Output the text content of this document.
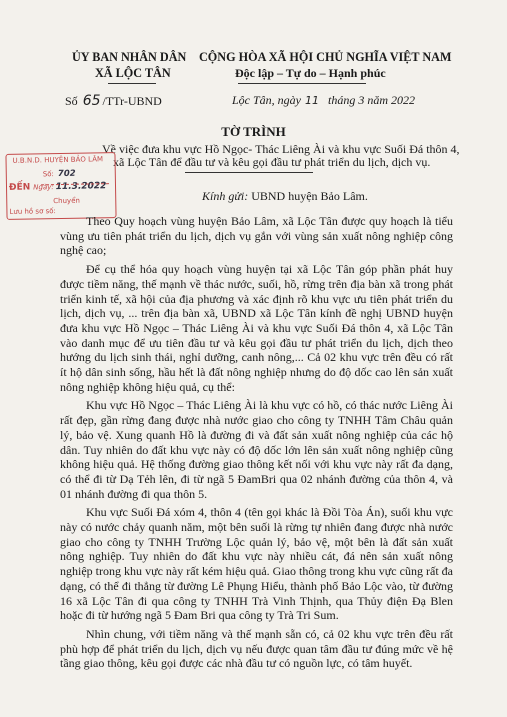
ỦY BAN NHÂN DÂN
XÃ LỘC TÂN
CỘNG HÒA XÃ HỘI CHỦ NGHĨA VIỆT NAM
Độc lập – Tự do – Hạnh phúc
Số 65 /TTr-UBND	Lộc Tân, ngày 11 tháng 3 năm 2022
TỜ TRÌNH
Về việc đưa khu vực Hồ Ngọc- Thác Liêng Ài và khu vực Suối Đá thôn 4,
xã Lộc Tân để đầu tư và kêu gọi đầu tư phát triển du lịch, dịch vụ.
Kính gửi: UBND huyện Bảo Lâm.
U.B.N.D. HUYỆN BẢO LÂM
Số: 702
ĐẾN Ngày: 11.3.2022
Chuyển
Lưu hồ sơ số:

Theo Quy hoạch vùng huyện Bảo Lâm, xã Lộc Tân được quy hoạch là tiểu vùng ưu tiên phát triển du lịch, dịch vụ gắn với vùng sản xuất nông nghiệp công nghệ cao;

Để cụ thể hóa quy hoạch vùng huyện tại xã Lộc Tân góp phần phát huy được tiềm năng, thế mạnh về thác nước, suối, hồ, rừng trên địa bàn xã trong phát triển kinh tế, xã hội của địa phương và xác định rõ khu vực ưu tiên phát triển du lịch, dịch vụ, ... trên địa bàn xã, UBND xã Lộc Tân kính đề nghị UBND huyện đưa khu vực Hồ Ngọc – Thác Liêng Ài và khu vực Suối Đá thôn 4, xã Lộc Tân vào danh mục để ưu tiên đầu tư và kêu gọi đầu tư phát triển du lịch, dịch theo hướng du lịch sinh thái, nghỉ dưỡng, canh nông,... Cả 02 khu vực trên đều có rất ít hộ dân sinh sống, hầu hết là đất nông nghiệp nhưng do độ dốc cao lên sản xuất nông nghiệp không hiệu quả, cụ thể:

Khu vực Hồ Ngọc – Thác Liêng Ài là khu vực có hồ, có thác nước Liêng Ài rất đẹp, gần rừng đang được nhà nước giao cho công ty TNHH Tâm Châu quản lý, bảo vệ. Xung quanh Hồ là đường đi và đất sản xuất nông nghiệp của các hộ dân. Tuy nhiên do đất khu vực này có độ dốc lớn lên sản xuất nông nghiệp cũng không hiệu quả. Hệ thống đường giao thông kết nối với khu vực này rất đa dạng, có thể đi từ Dạ Tẻh lên, đi từ ngã 5 ĐamBri qua 02 nhánh đường của thôn 4, và 01 nhánh đường đi qua thôn 5.

Khu vực Suối Đá xóm 4, thôn 4 (tên gọi khác là Đồi Tòa Án), suối khu vực này có nước chảy quanh năm, một bên suối là rừng tự nhiên đang được nhà nước giao cho công ty TNHH Trường Lộc quản lý, bảo vệ, một bên là đất sản xuất nông nghiệp. Tuy nhiên do đất khu vực này nhiều cát, đá nên sản xuất nông nghiệp trong khu vực này rất kém hiệu quả. Giao thông trong khu vực cũng rất đa dạng, có thể đi thẳng từ đường Lê Phụng Hiểu, thành phố Bảo Lộc vào, từ đường 16 xã Lộc Tân đi qua công ty TNHH Trà Vinh Thịnh, qua Thủy điện Đạ Blen hoặc đi từ hướng ngã 5 Đam Bri qua công ty Trà Tri Sum.

Nhìn chung, với tiềm năng và thế mạnh sẵn có, cả 02 khu vực trên đều rất phù hợp để phát triển du lịch, dịch vụ nếu được quan tâm đầu tư đúng mức về hệ tầng giao thông, kêu gọi được các nhà đầu tư có nguồn lực, có tâm huyết.
